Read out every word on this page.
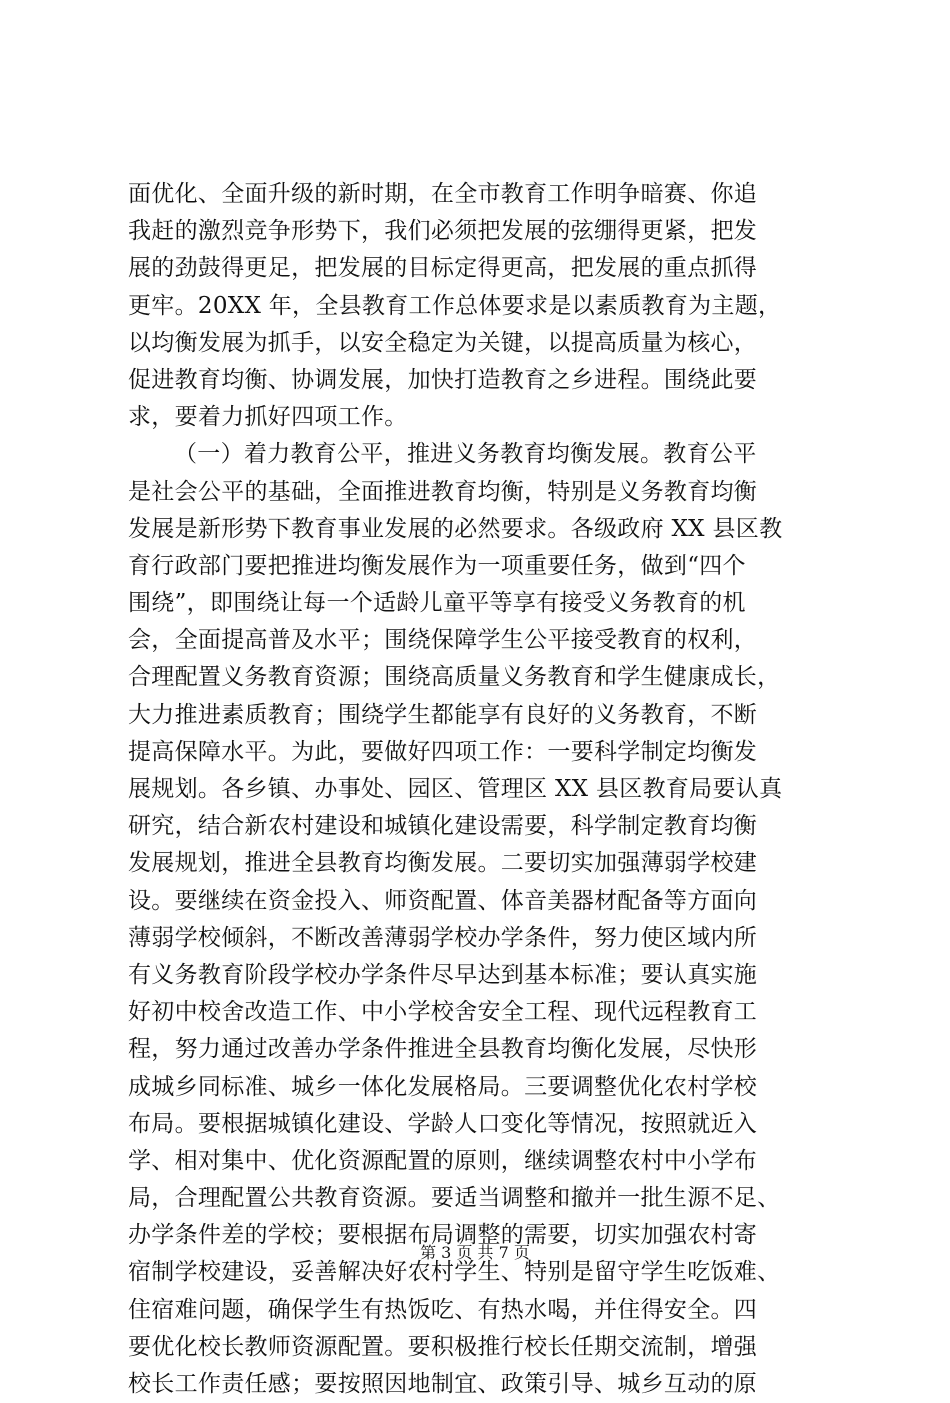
面优化、全面升级的新时期，在全市教育工作明争暗赛、你追
我赶的激烈竞争形势下，我们必须把发展的弦绷得更紧，把发
展的劲鼓得更足，把发展的目标定得更高，把发展的重点抓得
更牢。20XX 年，全县教育工作总体要求是以素质教育为主题，
以均衡发展为抓手，以安全稳定为关键，以提高质量为核心，
促进教育均衡、协调发展，加快打造教育之乡进程。围绕此要
求，要着力抓好四项工作。
（一）着力教育公平，推进义务教育均衡发展。教育公平
是社会公平的基础，全面推进教育均衡，特别是义务教育均衡
发展是新形势下教育事业发展的必然要求。各级政府 XX 县区教
育行政部门要把推进均衡发展作为一项重要任务，做到“四个
围绕”，即围绕让每一个适龄儿童平等享有接受义务教育的机
会，全面提高普及水平；围绕保障学生公平接受教育的权利，
合理配置义务教育资源；围绕高质量义务教育和学生健康成长，
大力推进素质教育；围绕学生都能享有良好的义务教育，不断
提高保障水平。为此，要做好四项工作：一要科学制定均衡发
展规划。各乡镇、办事处、园区、管理区 XX 县区教育局要认真
研究，结合新农村建设和城镇化建设需要，科学制定教育均衡
发展规划，推进全县教育均衡发展。二要切实加强薄弱学校建
设。要继续在资金投入、师资配置、体音美器材配备等方面向
薄弱学校倾斜，不断改善薄弱学校办学条件，努力使区域内所
有义务教育阶段学校办学条件尽早达到基本标准；要认真实施
好初中校舍改造工作、中小学校舍安全工程、现代远程教育工
程，努力通过改善办学条件推进全县教育均衡化发展，尽快形
成城乡同标准、城乡一体化发展格局。三要调整优化农村学校
布局。要根据城镇化建设、学龄人口变化等情况，按照就近入
学、相对集中、优化资源配置的原则，继续调整农村中小学布
局，合理配置公共教育资源。要适当调整和撤并一批生源不足、
办学条件差的学校；要根据布局调整的需要，切实加强农村寄
宿制学校建设，妥善解决好农村学生、特别是留守学生吃饭难、
住宿难问题，确保学生有热饭吃、有热水喝，并住得安全。四
要优化校长教师资源配置。要积极推行校长任期交流制，增强
校长工作责任感；要按照因地制宜、政策引导、城乡互动的原
第 3 页 共 7 页
